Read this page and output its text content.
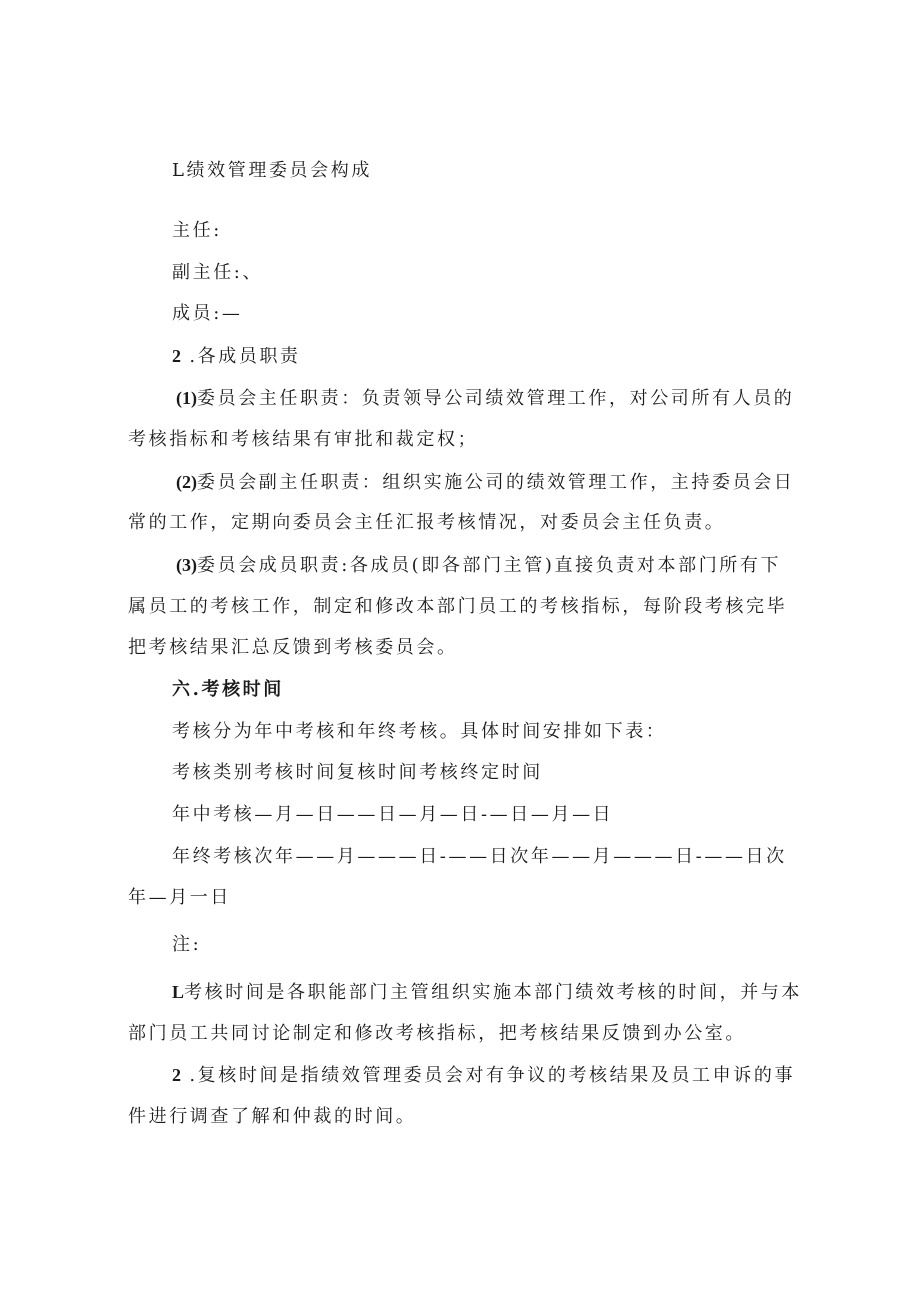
L绩效管理委员会构成
主任:
副主任:、
成员:—
2 .各成员职责
(1)委员会主任职责：负责领导公司绩效管理工作，对公司所有人员的
考核指标和考核结果有审批和裁定权；
(2)委员会副主任职责：组织实施公司的绩效管理工作，主持委员会日
常的工作，定期向委员会主任汇报考核情况，对委员会主任负责。
(3)委员会成员职责:各成员(即各部门主管)直接负责对本部门所有下
属员工的考核工作，制定和修改本部门员工的考核指标，每阶段考核完毕
把考核结果汇总反馈到考核委员会。
六.考核时间
考核分为年中考核和年终考核。具体时间安排如下表：
考核类别考核时间复核时间考核终定时间
年中考核—月—日——日—月—日-—日—月—日
年终考核次年——月———日-——日次年——月———日-——日次
年—月一日
注:
L考核时间是各职能部门主管组织实施本部门绩效考核的时间，并与本
部门员工共同讨论制定和修改考核指标，把考核结果反馈到办公室。
2 .复核时间是指绩效管理委员会对有争议的考核结果及员工申诉的事
件进行调查了解和仲裁的时间。
